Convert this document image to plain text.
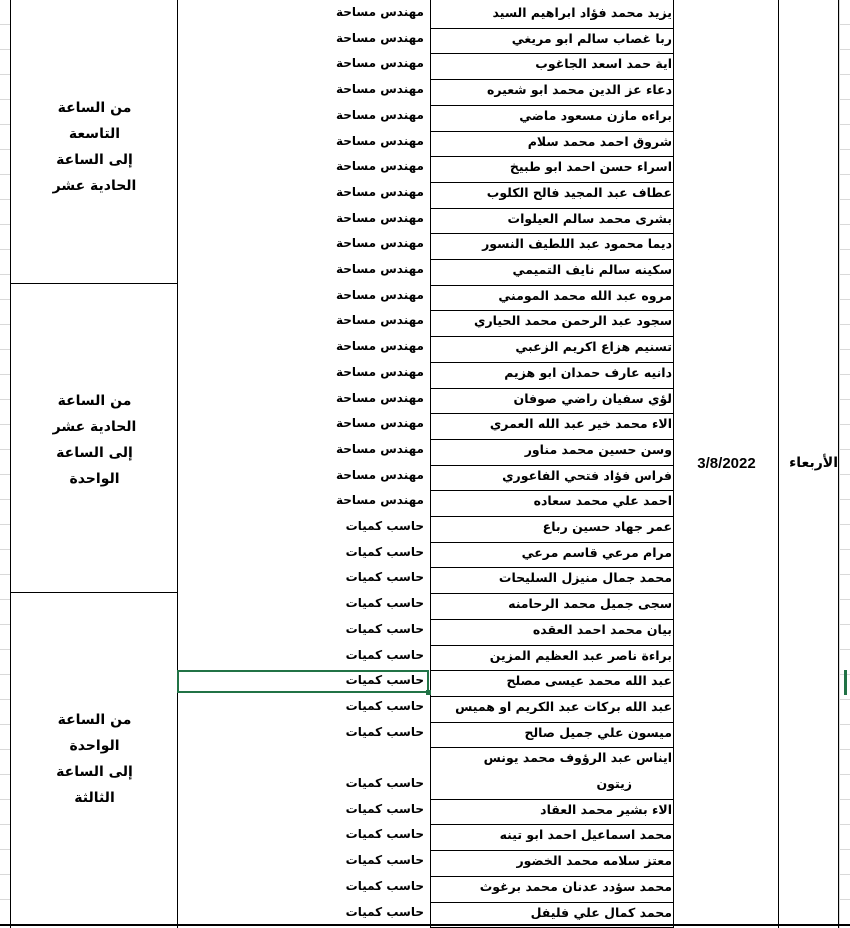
من الساعة
التاسعة
إلى الساعة
الحادية عشر
من الساعة
الحادية عشر
إلى الساعة
الواحدة
من الساعة
الواحدة
إلى الساعة
الثالثة
3/8/2022	الأربعاء
يزيد محمد فؤاد ابراهيم السيد
مهندس مساحة
ربا غصاب سالم ابو مريغي
مهندس مساحة
اية حمد اسعد الجاغوب
مهندس مساحة
دعاء عز الدين محمد ابو شعيره
مهندس مساحة
براءه مازن مسعود ماضي
مهندس مساحة
شروق احمد محمد سلام
مهندس مساحة
اسراء حسن احمد ابو طبيخ
مهندس مساحة
عطاف عبد المجيد فالح الكلوب
مهندس مساحة
بشرى محمد سالم العيلوات
مهندس مساحة
ديما محمود عبد اللطيف النسور
مهندس مساحة
سكينه سالم نايف التميمي
مهندس مساحة
مروه عبد الله محمد المومني
مهندس مساحة
سجود عبد الرحمن محمد الحياري
مهندس مساحة
تسنيم هزاع اكريم الزعبي
مهندس مساحة
دانيه عارف حمدان ابو هزيم
مهندس مساحة
لؤي سفيان راضي صوفان
مهندس مساحة
الاء محمد خير عبد الله العمري
مهندس مساحة
وسن حسين محمد مناور
مهندس مساحة
فراس فؤاد فتحي الفاعوري
مهندس مساحة
احمد علي محمد سعاده
مهندس مساحة
عمر جهاد حسين رباع
حاسب كميات
مرام مرعي قاسم مرعي
حاسب كميات
محمد جمال منيزل السليحات
حاسب كميات
سجى جميل محمد الرحامنه
حاسب كميات
بيان محمد احمد العقده
حاسب كميات
براءة ناصر عبد العظيم المزين
حاسب كميات
عبد الله محمد عيسى مصلح
حاسب كميات
عبد الله بركات عبد الكريم او هميس
حاسب كميات
ميسون علي جميل صالح
حاسب كميات
ايناس عبد الرؤوف محمد يونس
زيتون
حاسب كميات
الاء بشير محمد العقاد
حاسب كميات
محمد اسماعيل احمد ابو تينه
حاسب كميات
معتز سلامه محمد الخضور
حاسب كميات
محمد سؤدد عدنان محمد برغوث
حاسب كميات
محمد كمال علي فليفل
حاسب كميات
